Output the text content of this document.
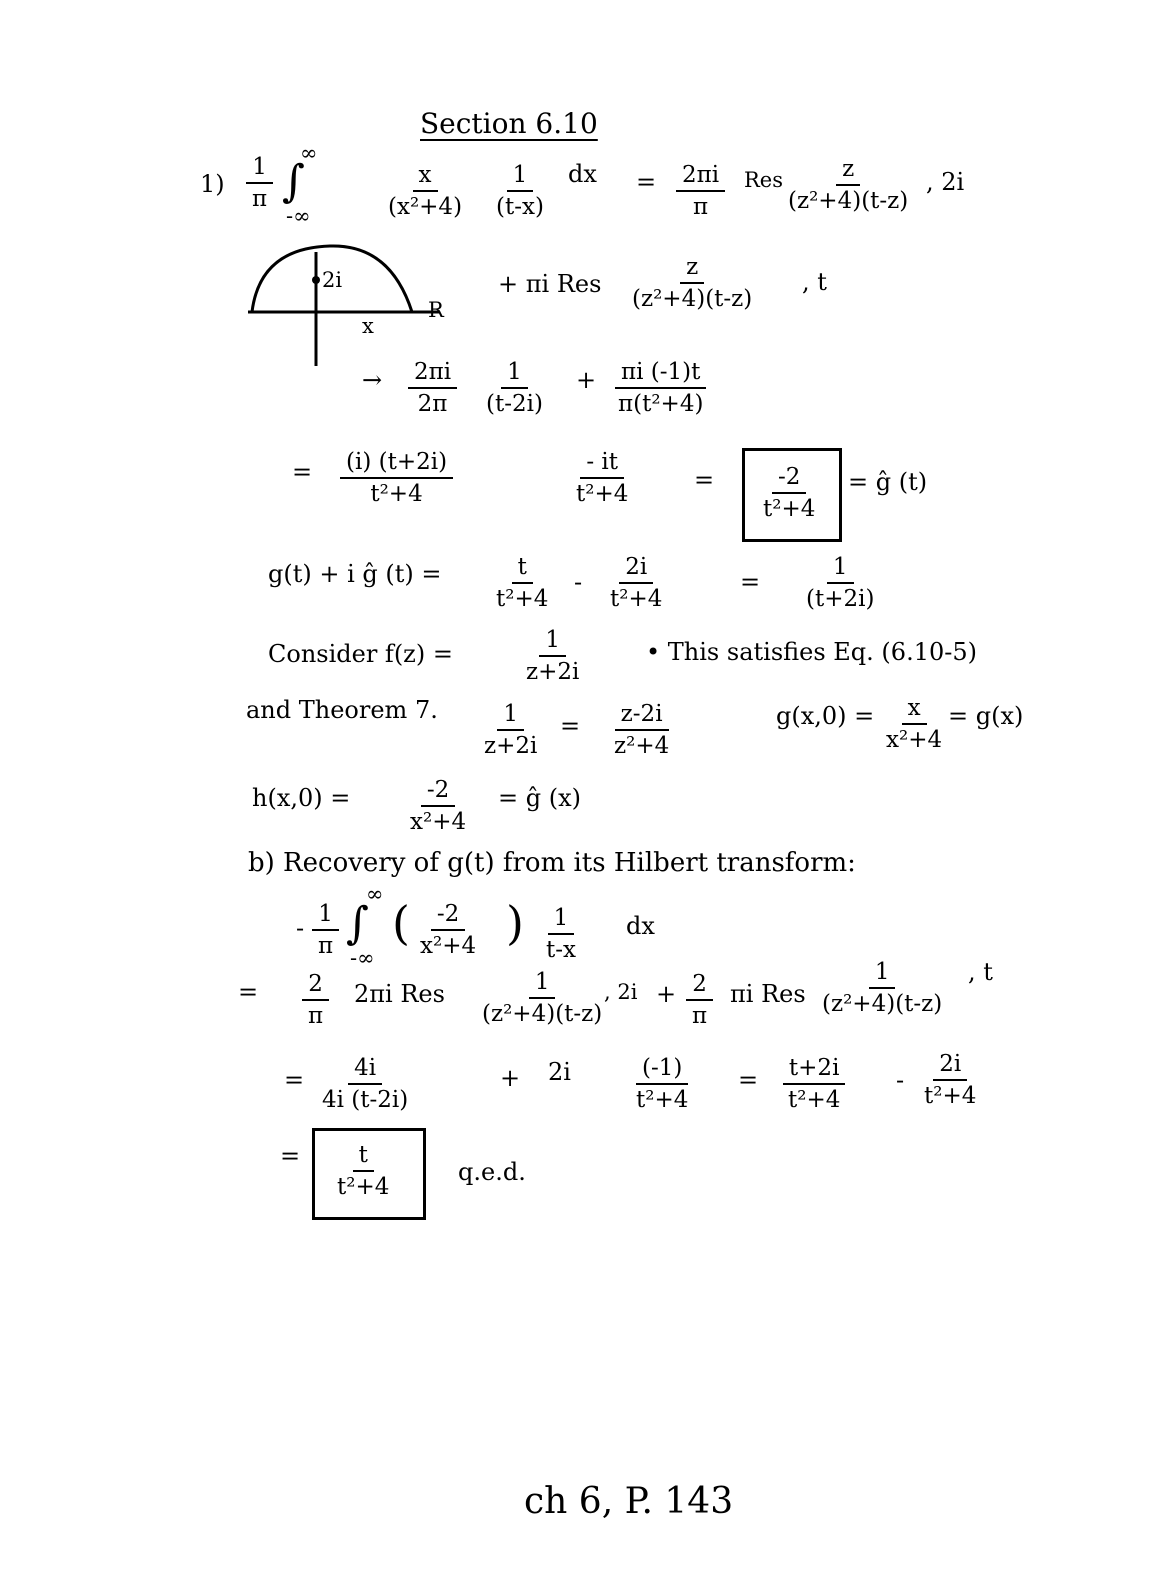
Section 6.10
$1) \frac{1}{\pi}$
∞
∫
-∞	$\frac{x}{\text{(x²+4)}} \frac{1}{(t-x)}$ dx = $\frac{2\pi i}{\pi}$ Res
$\frac{z}{\text{(z²+4)(t-z)}}$ , 2i
2i
R
x
+ πi Res $\frac{z}{\text{(z²+4)(t-z)}}$ , t
→ $\frac{2\pi i}{2\pi} \frac{1}{(t-2i)} + \frac{\pi i (-1)t}{\text{π(t²+4)}}$
= $\frac{(i) (t+2i)}{\text{t²+4}}$	$\frac{- it}{\text{t²+4}} = \frac{-2}{\text{t²+4}}$ = ĝ (t)
g(t) + i ĝ $(t) = \frac{t}{\text{t²+4}} - \frac{2i}{\text{t²+4}}$	= $\frac{1}{(t+2i)}$
Consider f(z) =	$\frac{1}{z+2i}$	• This satisfies Eq. (6.10-5)
and Theorem 7. $\frac{1}{z+2i} = \frac{z-2i}{\text{z²+4}}$	$g(x,0) = \frac{x}{\text{x²+4}} = g(x)$
$h(x,0) = \frac{-2}{\text{x²+4}}$ = ĝ (x)
b) Recovery of g(t) from its Hilbert transform:
- $\frac{1}{\pi}$
∞
∫
-∞
( $\frac{-2}{\text{x²+4}}$ ) $\frac{1}{t-x}$ dx
= $\frac{2}{\pi} 2\pi i$ Res $\frac{1}{\text{(z²+4)(t-z)}}$
, $2i + \frac{2}{\pi}$ πi Res $\frac{1}{\text{(z²+4)(t-z)}}$ , t
= $\frac{4i}{4i (t-2i)}$	+ 2i	$\frac{(-1)}{\text{t²+4}} = \frac{t+2i}{\text{t²+4}} - \frac{2i}{\text{t²+4}}$
= $\frac{t}{\text{t²+4}}$	q.e.d.
ch 6, P. 143
